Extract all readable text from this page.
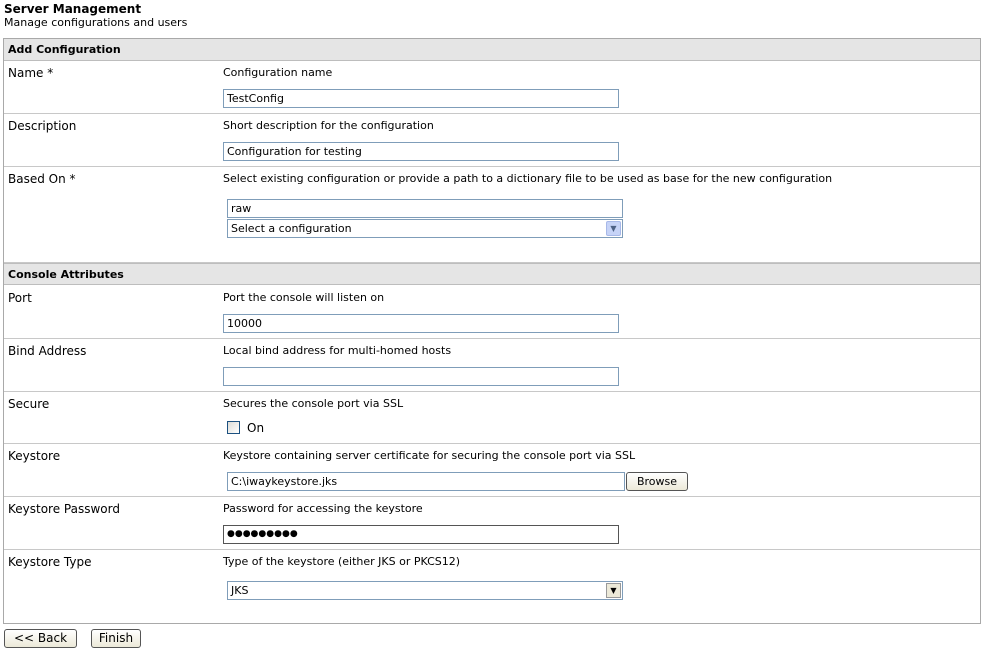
Server Management
Manage configurations and users
Add Configuration
Name *	Configuration name
TestConfig
Description	Short description for the configuration
Configuration for testing
Based On *	Select existing configuration or provide a path to a dictionary file to be used as base for the new configuration
raw
Select a configuration	▼
Console Attributes
Port	Port the console will listen on
10000
Bind Address	Local bind address for multi-homed hosts
Secure	Secures the console port via SSL
On
Keystore	Keystore containing server certificate for securing the console port via SSL
C:\iwaykeystore.jks	Browse
Keystore Password	Password for accessing the keystore
●●●●●●●●●
Keystore Type	Type of the keystore (either JKS or PKCS12)
JKS	▼
<< Back	Finish
